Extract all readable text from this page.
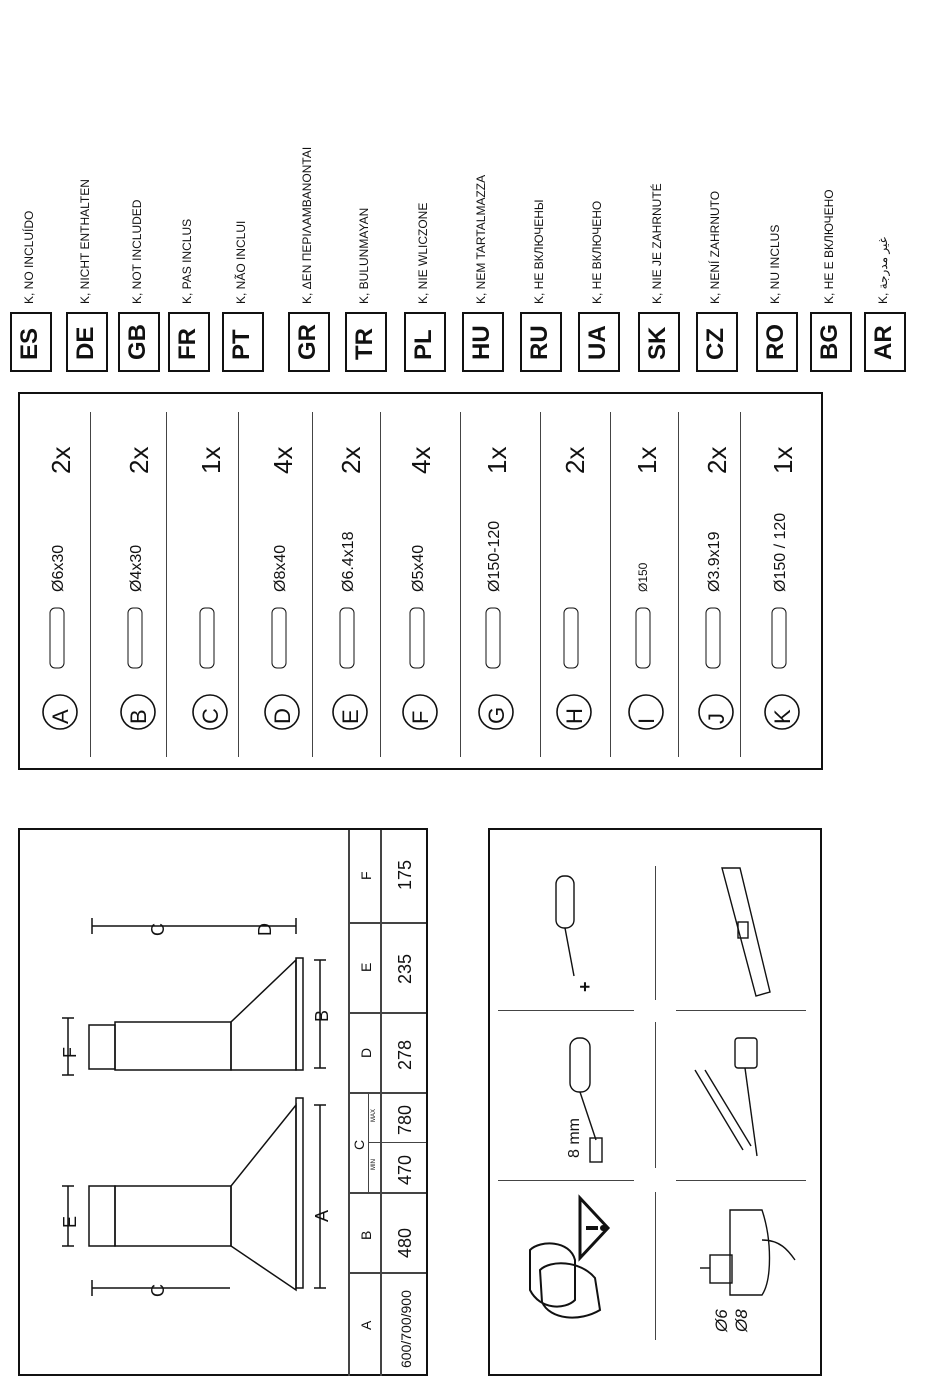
ES
K, NO INCLUÍDO
DE
K, NICHT ENTHALTEN
GB
K, NOT INCLUDED
FR
K, PAS INCLUS
PT
K, NÃO INCLUI
GR
K, ΔΕΝ ΠΕΡΙΛΑΜΒΑΝΟΝΤΑΙ
TR
K, BULUNMAYAN
PL
K, NIE WLICZONE
HU
K, NEM TARTALMAZZA
RU
K, НЕ ВКЛЮЧЕНЫ
UA
K, НЕ ВКЛЮЧЕНО
SK
K, NIE JE ZAHRNUTÉ
CZ
K, NENÍ ZAHRNUTO
RO
K, NU INCLUS
BG
K, НЕ Е ВКЛЮЧЕНО
AR
K, غير مدرجة
A
Ø6x30
2x
B
Ø4x30
2x
C
1x
D
Ø8x40
4x
E
Ø6.4x18
2x
F
Ø5x40
4x
G
Ø150-120
1x
H
2x
I
Ø150
1x
J
Ø3.9x19
2x
K
Ø150 / 120
1x
F
E
D
C
MAX
MIN
B
A
175
235
278
780
470
480
600/700/900
E
C
A
F
C	D
B
+
8 mm
Ø6 Ø8
